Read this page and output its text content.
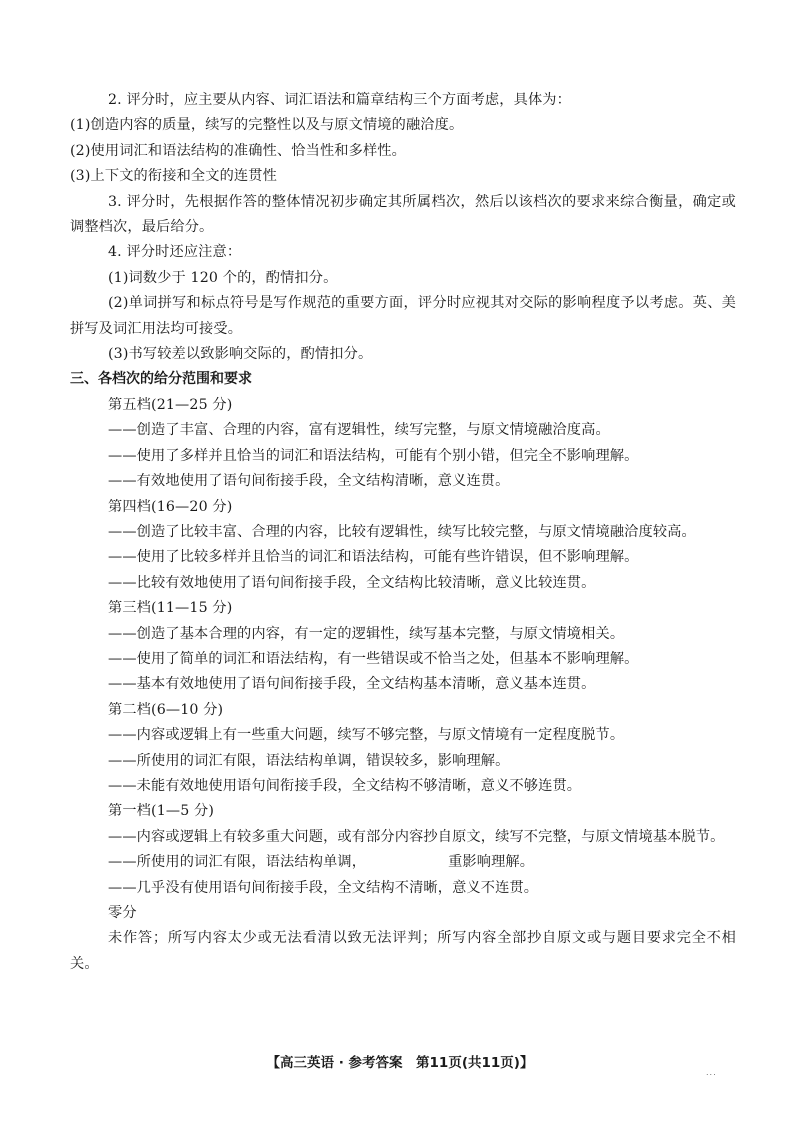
2. 评分时，应主要从内容、词汇语法和篇章结构三个方面考虑，具体为：
(1)创造内容的质量，续写的完整性以及与原文情境的融洽度。
(2)使用词汇和语法结构的准确性、恰当性和多样性。
(3)上下文的衔接和全文的连贯性
3. 评分时，先根据作答的整体情况初步确定其所属档次，然后以该档次的要求来综合衡量，确定或调整档次，最后给分。
4. 评分时还应注意：
(1)词数少于 120 个的，酌情扣分。
(2)单词拼写和标点符号是写作规范的重要方面，评分时应视其对交际的影响程度予以考虑。英、美拼写及词汇用法均可接受。
(3)书写较差以致影响交际的，酌情扣分。
三、各档次的给分范围和要求
第五档(21—25 分)
——创造了丰富、合理的内容，富有逻辑性，续写完整，与原文情境融洽度高。
——使用了多样并且恰当的词汇和语法结构，可能有个别小错，但完全不影响理解。
——有效地使用了语句间衔接手段，全文结构清晰，意义连贯。
第四档(16—20 分)
——创造了比较丰富、合理的内容，比较有逻辑性，续写比较完整，与原文情境融洽度较高。
——使用了比较多样并且恰当的词汇和语法结构，可能有些许错误，但不影响理解。
——比较有效地使用了语句间衔接手段，全文结构比较清晰，意义比较连贯。
第三档(11—15 分)
——创造了基本合理的内容，有一定的逻辑性，续写基本完整，与原文情境相关。
——使用了简单的词汇和语法结构，有一些错误或不恰当之处，但基本不影响理解。
——基本有效地使用了语句间衔接手段，全文结构基本清晰，意义基本连贯。
第二档(6—10 分)
——内容或逻辑上有一些重大问题，续写不够完整，与原文情境有一定程度脱节。
——所使用的词汇有限，语法结构单调，错误较多，影响理解。
——未能有效地使用语句间衔接手段，全文结构不够清晰，意义不够连贯。
第一档(1—5 分)
——内容或逻辑上有较多重大问题，或有部分内容抄自原文，续写不完整，与原文情境基本脱节。
——所使用的词汇有限，语法结构单调，	重影响理解。
——几乎没有使用语句间衔接手段，全文结构不清晰，意义不连贯。
零分
未作答；所写内容太少或无法看清以致无法评判；所写内容全部抄自原文或与题目要求完全不相关。
【高三英语 · 参考答案　第11页(共11页)】
...
